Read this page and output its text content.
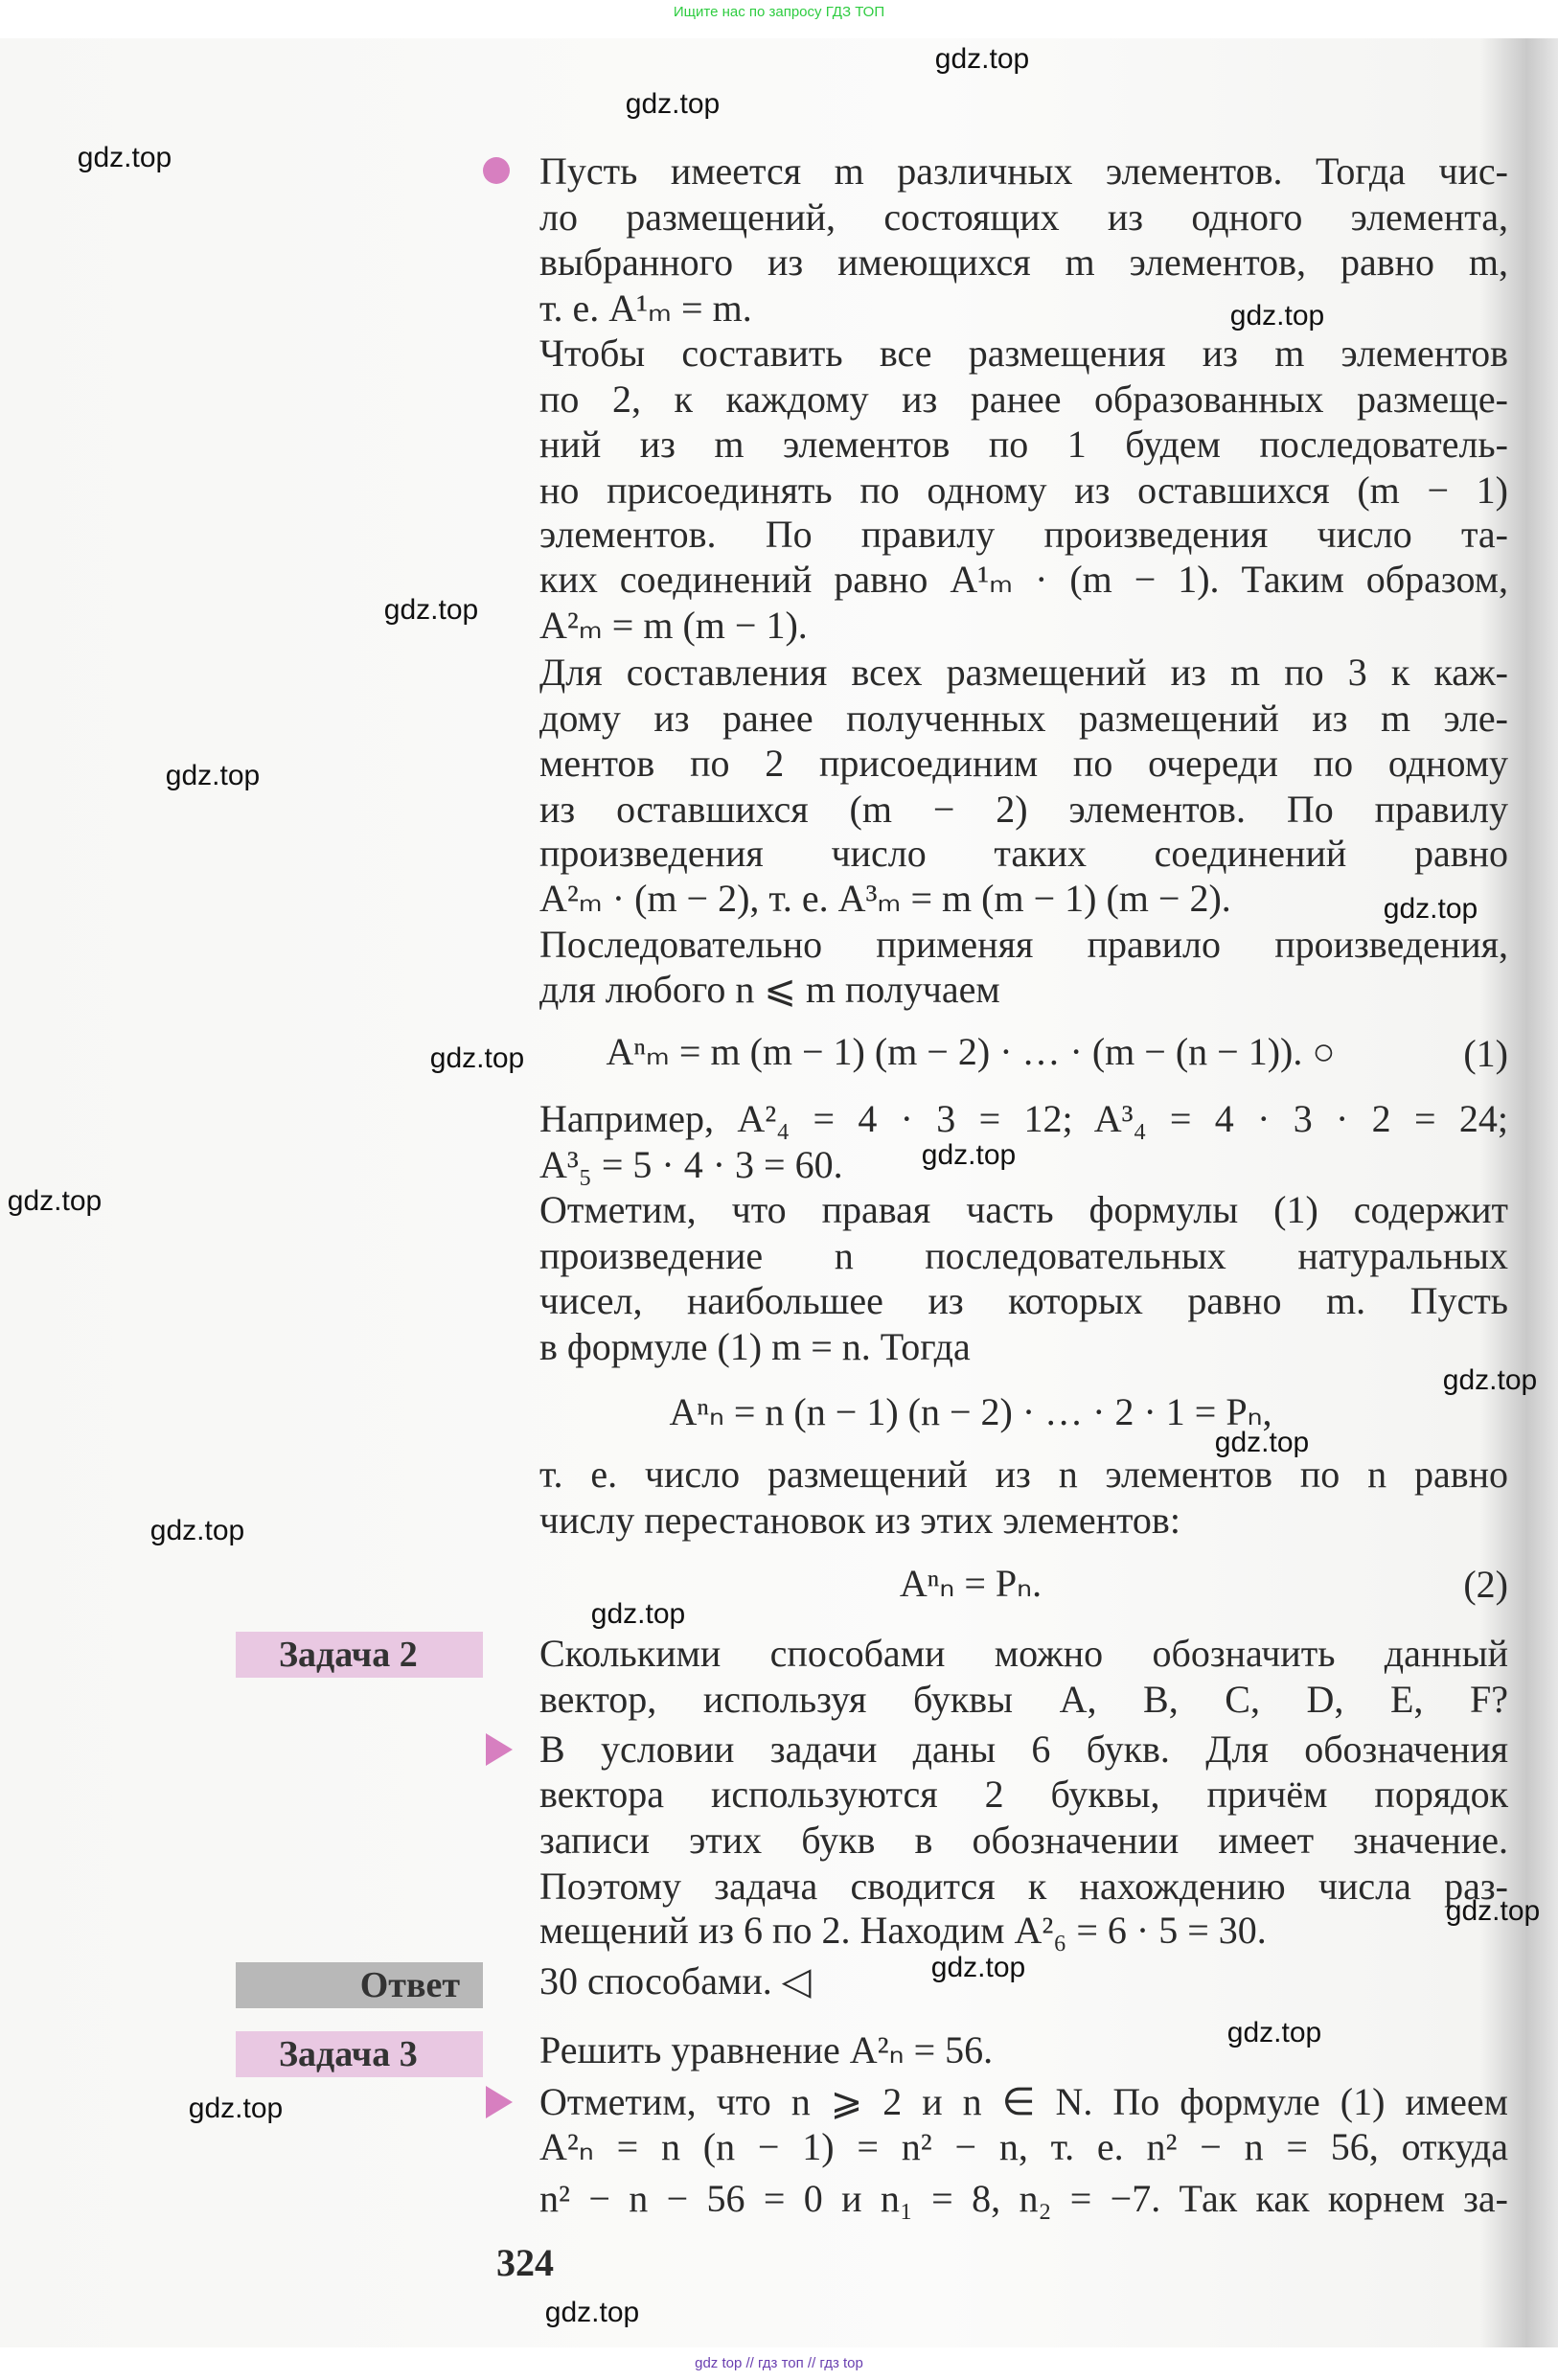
Ищите нас по запросу ГДЗ ТОП
Пусть имеется m различных элементов. Тогда чис-
ло размещений, состоящих из одного элемента,
выбранного из имеющихся m элементов, равно m,
т. е. A¹ₘ = m.
Чтобы составить все размещения из m элементов
по 2, к каждому из ранее образованных размеще-
ний из m элементов по 1 будем последователь-
но присоединять по одному из оставшихся (m − 1)
элементов. По правилу произведения число та-
ких соединений равно A¹ₘ · (m − 1). Таким образом,
A²ₘ = m (m − 1).
Для составления всех размещений из m по 3 к каж-
дому из ранее полученных размещений из m эле-
ментов по 2 присоединим по очереди по одному
из оставшихся (m − 2) элементов. По правилу
произведения число таких соединений равно
A²ₘ · (m − 2), т. е. A³ₘ = m (m − 1) (m − 2).
Последовательно применяя правило произведения,
для любого n ⩽ m получаем
Aⁿₘ = m (m − 1) (m − 2) · … · (m − (n − 1)). ○
Например, A²₄ = 4 · 3 = 12; A³₄ = 4 · 3 · 2 = 24;
A³₅ = 5 · 4 · 3 = 60.
Отметим, что правая часть формулы (1) содержит
произведение n последовательных натуральных
чисел, наибольшее из которых равно m. Пусть
в формуле (1) m = n. Тогда
Aⁿₙ = n (n − 1) (n − 2) · … · 2 · 1 = Pₙ,
т. е. число размещений из n элементов по n равно
числу перестановок из этих элементов:
Aⁿₙ = Pₙ.
Сколькими способами можно обозначить данный
вектор, используя буквы A, B, C, D, E, F?
В условии задачи даны 6 букв. Для обозначения
вектора используются 2 буквы, причём порядок
записи этих букв в обозначении имеет значение.
Поэтому задача сводится к нахождению числа раз-
мещений из 6 по 2. Находим A²₆ = 6 · 5 = 30.
30 способами. ◁
Решить уравнение A²ₙ = 56.
Отметим, что n ⩾ 2 и n ∈ N. По формуле (1) имеем
A²ₙ = n (n − 1) = n² − n, т. е. n² − n = 56, откуда
n² − n − 56 = 0 и n₁ = 8, n₂ = −7. Так как корнем за-
(1)
(2)
Задача 2
Ответ
Задача 3
324
gdz.top
gdz.top
gdz.top
gdz.top
gdz.top
gdz.top
gdz.top
gdz.top
gdz.top
gdz.top
gdz.top
gdz.top
gdz.top
gdz.top
gdz.top
gdz.top
gdz.top
gdz.top
gdz.top
gdz top // гдз топ // гдз top
